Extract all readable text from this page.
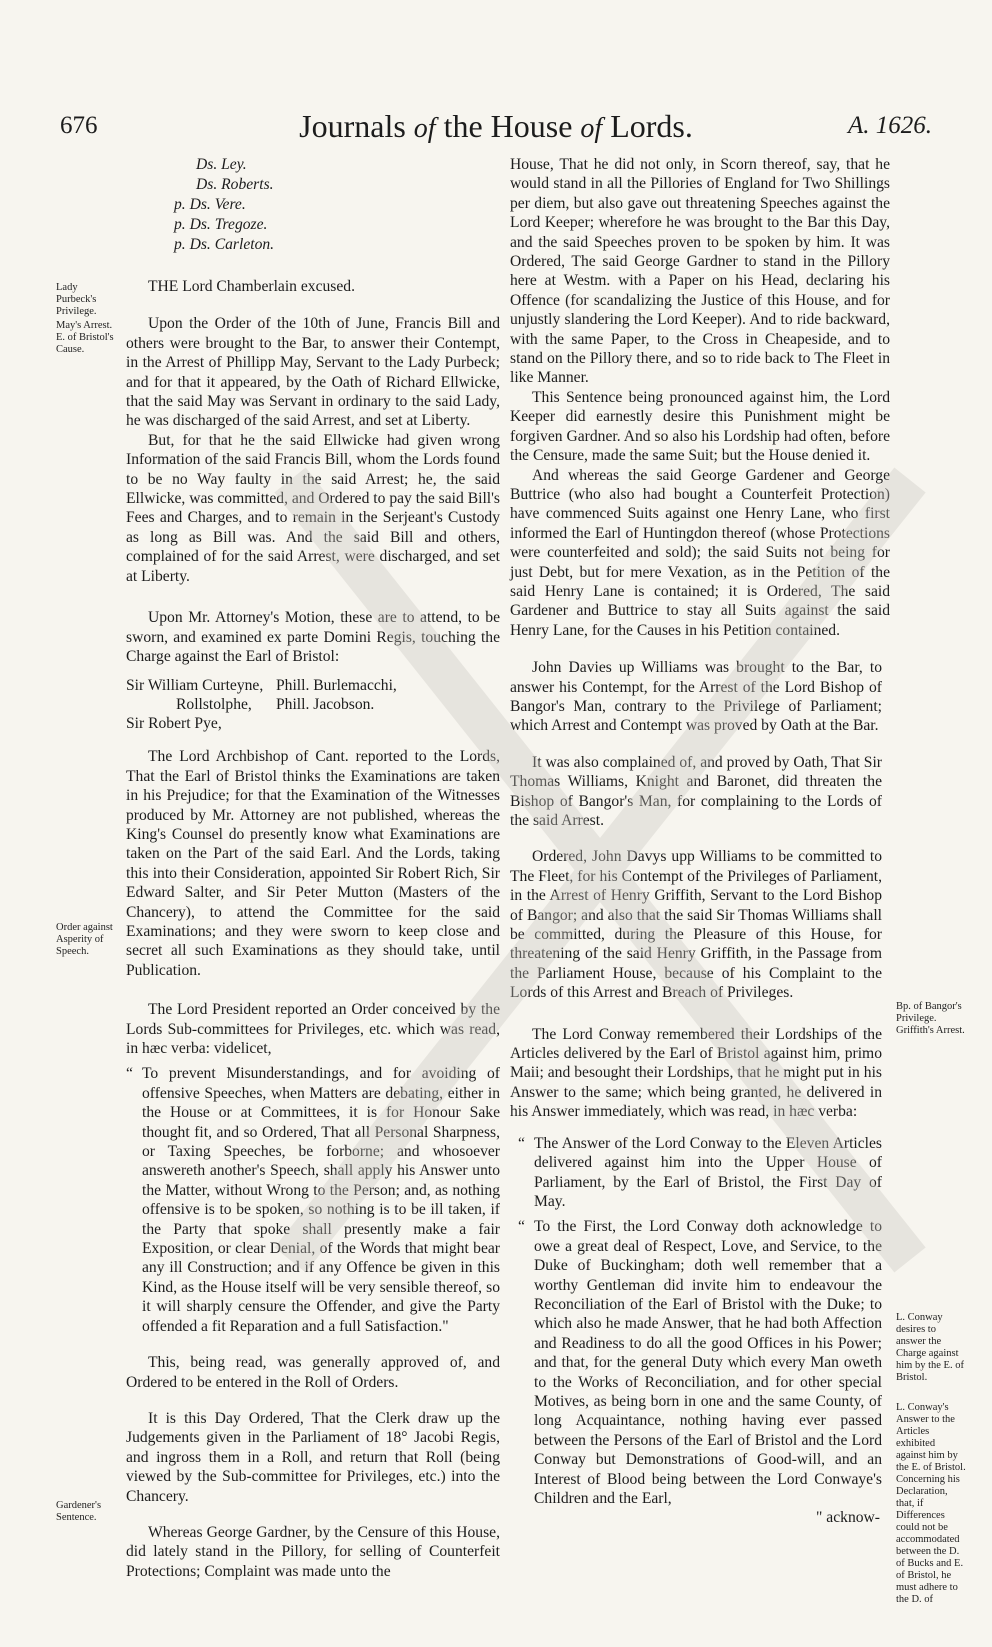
676	Journals of the House of Lords.	A. 1626.
Lady Purbeck's Privilege.
May's Arrest. E. of Bristol's Cause.
Order against Asperity of Speech.
Gardener's Sentence.
Bp. of Bangor's Privilege. Griffith's Arrest.
L. Conway desires to answer the Charge against him by the E. of Bristol.
L. Conway's Answer to the Articles exhibited against him by the E. of Bristol. Concerning his Declaration, that, if Differences could not be accommodated between the D. of Bucks and E. of Bristol, he must adhere to the D. of
Ds. Ley.
Ds. Roberts.
p. Ds. Vere.
p. Ds. Tregoze.
p. Ds. Carleton.

THE Lord Chamberlain excused.

Upon the Order of the 10th of June, Francis Bill and others were brought to the Bar, to answer their Contempt, in the Arrest of Phillipp May, Servant to the Lady Purbeck; and for that it appeared, by the Oath of Richard Ellwicke, that the said May was Servant in ordinary to the said Lady, he was discharged of the said Arrest, and set at Liberty.

But, for that he the said Ellwicke had given wrong Information of the said Francis Bill, whom the Lords found to be no Way faulty in the said Arrest; he, the said Ellwicke, was committed, and Ordered to pay the said Bill's Fees and Charges, and to remain in the Serjeant's Custody as long as Bill was. And the said Bill and others, complained of for the said Arrest, were discharged, and set at Liberty.

Upon Mr. Attorney's Motion, these are to attend, to be sworn, and examined ex parte Domini Regis, touching the Charge against the Earl of Bristol:

Sir William Curteyne, Phill. Burlemacchi,
Rollstolphe,	Phill. Jacobson.
Sir Robert Pye,

The Lord Archbishop of Cant. reported to the Lords, That the Earl of Bristol thinks the Examinations are taken in his Prejudice; for that the Examination of the Witnesses produced by Mr. Attorney are not published, whereas the King's Counsel do presently know what Examinations are taken on the Part of the said Earl. And the Lords, taking this into their Consideration, appointed Sir Robert Rich, Sir Edward Salter, and Sir Peter Mutton (Masters of the Chancery), to attend the Committee for the said Examinations; and they were sworn to keep close and secret all such Examinations as they should take, until Publication.

The Lord President reported an Order conceived by the Lords Sub-committees for Privileges, etc. which was read, in hæc verba: videlicet,

“ To prevent Misunderstandings, and for avoiding of offensive Speeches, when Matters are debating, either in the House or at Committees, it is for Honour Sake thought fit, and so Ordered, That all Personal Sharpness, or Taxing Speeches, be forborne; and whosoever answereth another's Speech, shall apply his Answer unto the Matter, without Wrong to the Person; and, as nothing offensive is to be spoken, so nothing is to be ill taken, if the Party that spoke shall presently make a fair Exposition, or clear Denial, of the Words that might bear any ill Construction; and if any Offence be given in this Kind, as the House itself will be very sensible thereof, so it will sharply censure the Offender, and give the Party offended a fit Reparation and a full Satisfaction."

This, being read, was generally approved of, and Ordered to be entered in the Roll of Orders.

It is this Day Ordered, That the Clerk draw up the Judgements given in the Parliament of 18° Jacobi Regis, and ingross them in a Roll, and return that Roll (being viewed by the Sub-committee for Privileges, etc.) into the Chancery.

Whereas George Gardner, by the Censure of this House, did lately stand in the Pillory, for selling of Counterfeit Protections; Complaint was made unto the

House, That he did not only, in Scorn thereof, say, that he would stand in all the Pillories of England for Two Shillings per diem, but also gave out threatening Speeches against the Lord Keeper; wherefore he was brought to the Bar this Day, and the said Speeches proven to be spoken by him. It was Ordered, The said George Gardner to stand in the Pillory here at Westm. with a Paper on his Head, declaring his Offence (for scandalizing the Justice of this House, and for unjustly slandering the Lord Keeper). And to ride backward, with the same Paper, to the Cross in Cheapeside, and to stand on the Pillory there, and so to ride back to The Fleet in like Manner.

This Sentence being pronounced against him, the Lord Keeper did earnestly desire this Punishment might be forgiven Gardner. And so also his Lordship had often, before the Censure, made the same Suit; but the House denied it.

And whereas the said George Gardener and George Buttrice (who also had bought a Counterfeit Protection) have commenced Suits against one Henry Lane, who first informed the Earl of Huntingdon thereof (whose Protections were counterfeited and sold); the said Suits not being for just Debt, but for mere Vexation, as in the Petition of the said Henry Lane is contained; it is Ordered, The said Gardener and Buttrice to stay all Suits against the said Henry Lane, for the Causes in his Petition contained.

John Davies up Williams was brought to the Bar, to answer his Contempt, for the Arrest of the Lord Bishop of Bangor's Man, contrary to the Privilege of Parliament; which Arrest and Contempt was proved by Oath at the Bar.

It was also complained of, and proved by Oath, That Sir Thomas Williams, Knight and Baronet, did threaten the Bishop of Bangor's Man, for complaining to the Lords of the said Arrest.

Ordered, John Davys upp Williams to be committed to The Fleet, for his Contempt of the Privileges of Parliament, in the Arrest of Henry Griffith, Servant to the Lord Bishop of Bangor; and also that the said Sir Thomas Williams shall be committed, during the Pleasure of this House, for threatening of the said Henry Griffith, in the Passage from the Parliament House, because of his Complaint to the Lords of this Arrest and Breach of Privileges.

The Lord Conway remembered their Lordships of the Articles delivered by the Earl of Bristol against him, primo Maii; and besought their Lordships, that he might put in his Answer to the same; which being granted, he delivered in his Answer immediately, which was read, in hæc verba:

“ The Answer of the Lord Conway to the Eleven Articles delivered against him into the Upper House of Parliament, by the Earl of Bristol, the First Day of May.

“ To the First, the Lord Conway doth acknowledge to owe a great deal of Respect, Love, and Service, to the Duke of Buckingham; doth well remember that a worthy Gentleman did invite him to endeavour the Reconciliation of the Earl of Bristol with the Duke; to which also he made Answer, that he had both Affection and Readiness to do all the good Offices in his Power; and that, for the general Duty which every Man oweth to the Works of Reconciliation, and for other special Motives, as being born in one and the same County, of long Acquaintance, nothing having ever passed between the Persons of the Earl of Bristol and the Lord Conway but Demonstrations of Good-will, and an Interest of Blood being between the Lord Conwaye's Children and the Earl,

" acknow-
